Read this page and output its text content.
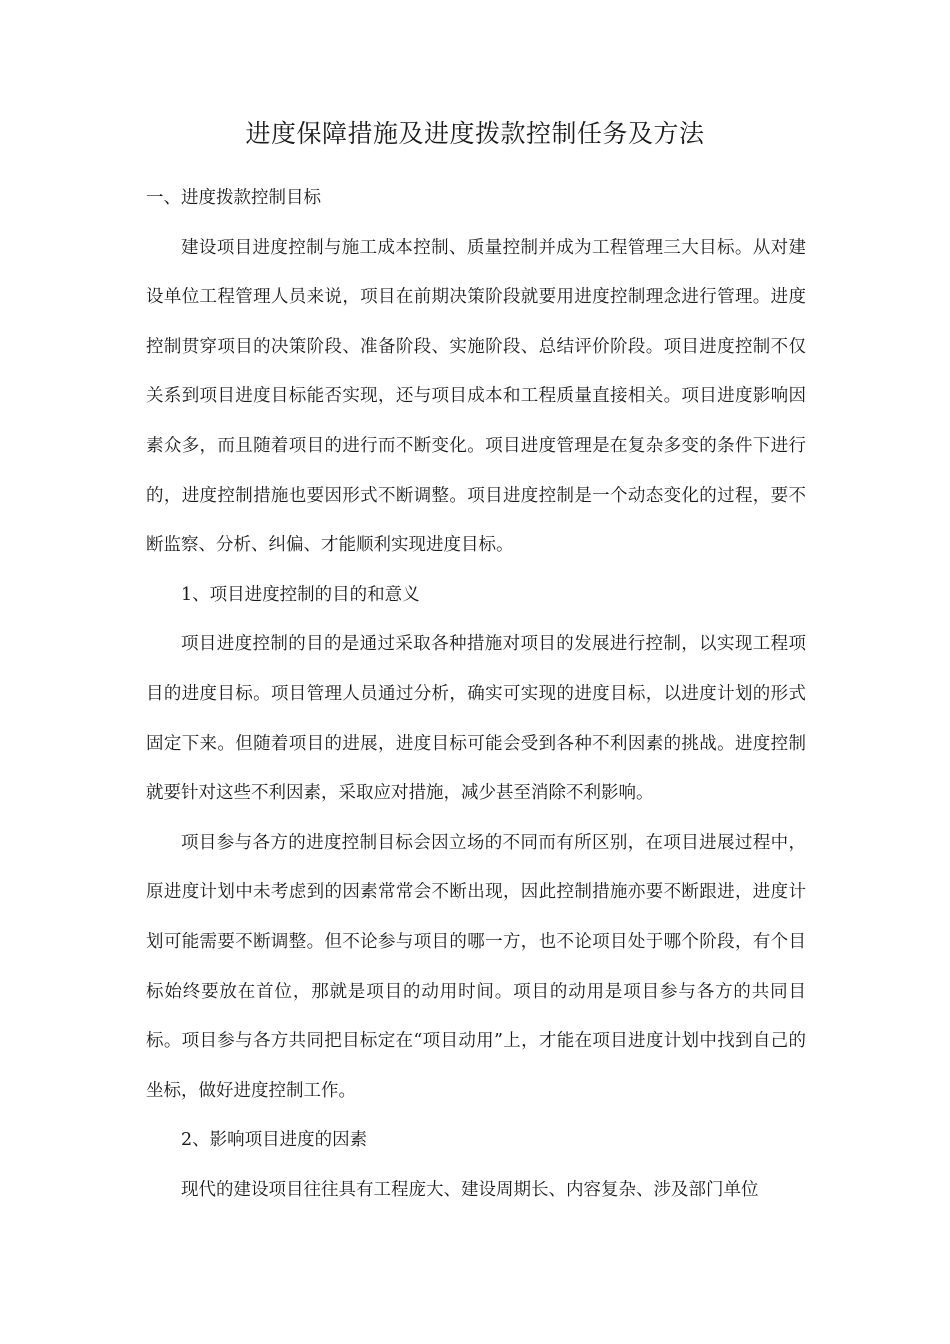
进度保障措施及进度拨款控制任务及方法
一、进度拨款控制目标

建设项目进度控制与施工成本控制、质量控制并成为工程管理三大目标。从对建设单位工程管理人员来说，项目在前期决策阶段就要用进度控制理念进行管理。进度控制贯穿项目的决策阶段、准备阶段、实施阶段、总结评价阶段。项目进度控制不仅关系到项目进度目标能否实现，还与项目成本和工程质量直接相关。项目进度影响因素众多，而且随着项目的进行而不断变化。项目进度管理是在复杂多变的条件下进行的，进度控制措施也要因形式不断调整。项目进度控制是一个动态变化的过程，要不断监察、分析、纠偏、才能顺利实现进度目标。

1、项目进度控制的目的和意义

项目进度控制的目的是通过采取各种措施对项目的发展进行控制，以实现工程项目的进度目标。项目管理人员通过分析，确实可实现的进度目标，以进度计划的形式固定下来。但随着项目的进展，进度目标可能会受到各种不利因素的挑战。进度控制就要针对这些不利因素，采取应对措施，减少甚至消除不利影响。

项目参与各方的进度控制目标会因立场的不同而有所区别，在项目进展过程中，原进度计划中未考虑到的因素常常会不断出现，因此控制措施亦要不断跟进，进度计划可能需要不断调整。但不论参与项目的哪一方，也不论项目处于哪个阶段，有个目标始终要放在首位，那就是项目的动用时间。项目的动用是项目参与各方的共同目标。项目参与各方共同把目标定在“项目动用”上，才能在项目进度计划中找到自己的坐标，做好进度控制工作。

2、影响项目进度的因素

现代的建设项目往往具有工程庞大、建设周期长、内容复杂、涉及部门单位
